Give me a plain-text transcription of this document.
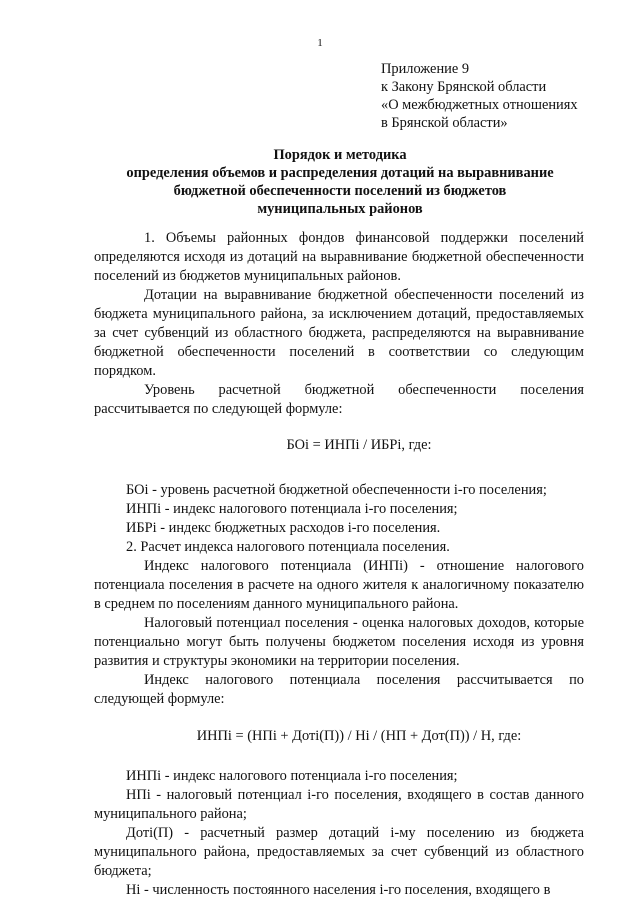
1
Приложение 9
к Закону Брянской области
«О межбюджетных отношениях
в Брянской области»
Порядок и методика
определения объемов и распределения дотаций на выравнивание
бюджетной обеспеченности поселений из бюджетов
муниципальных районов

1. Объемы районных фондов финансовой поддержки поселений определяются исходя из дотаций на выравнивание бюджетной обеспеченности поселений из бюджетов муниципальных районов.

Дотации на выравнивание бюджетной обеспеченности поселений из бюджета муниципального района, за исключением дотаций, предоставляемых за счет субвенций из областного бюджета, распределяются на выравнивание бюджетной обеспеченности поселений в соответствии со следующим порядком.

Уровень расчетной бюджетной обеспеченности поселения рассчитывается по следующей формуле:

БОi = ИНПi / ИБРi, где:

БОi - уровень расчетной бюджетной обеспеченности i-го поселения;

ИНПi - индекс налогового потенциала i-го поселения;

ИБРi - индекс бюджетных расходов i-го поселения.

2. Расчет индекса налогового потенциала поселения.

Индекс налогового потенциала (ИНПi) - отношение налогового потенциала поселения в расчете на одного жителя к аналогичному показателю в среднем по поселениям данного муниципального района.

Налоговый потенциал поселения - оценка налоговых доходов, которые потенциально могут быть получены бюджетом поселения исходя из уровня развития и структуры экономики на территории поселения.

Индекс налогового потенциала поселения рассчитывается по следующей формуле:

ИНПi = (НПi + Дотi(П)) / Нi / (НП + Дот(П)) / Н, где:

ИНПi - индекс налогового потенциала i-го поселения;

НПi - налоговый потенциал i-го поселения, входящего в состав данного муниципального района;

Дотi(П) - расчетный размер дотаций i-му поселению из бюджета муниципального района, предоставляемых за счет субвенций из областного бюджета;

Нi - численность постоянного населения i-го поселения, входящего в
